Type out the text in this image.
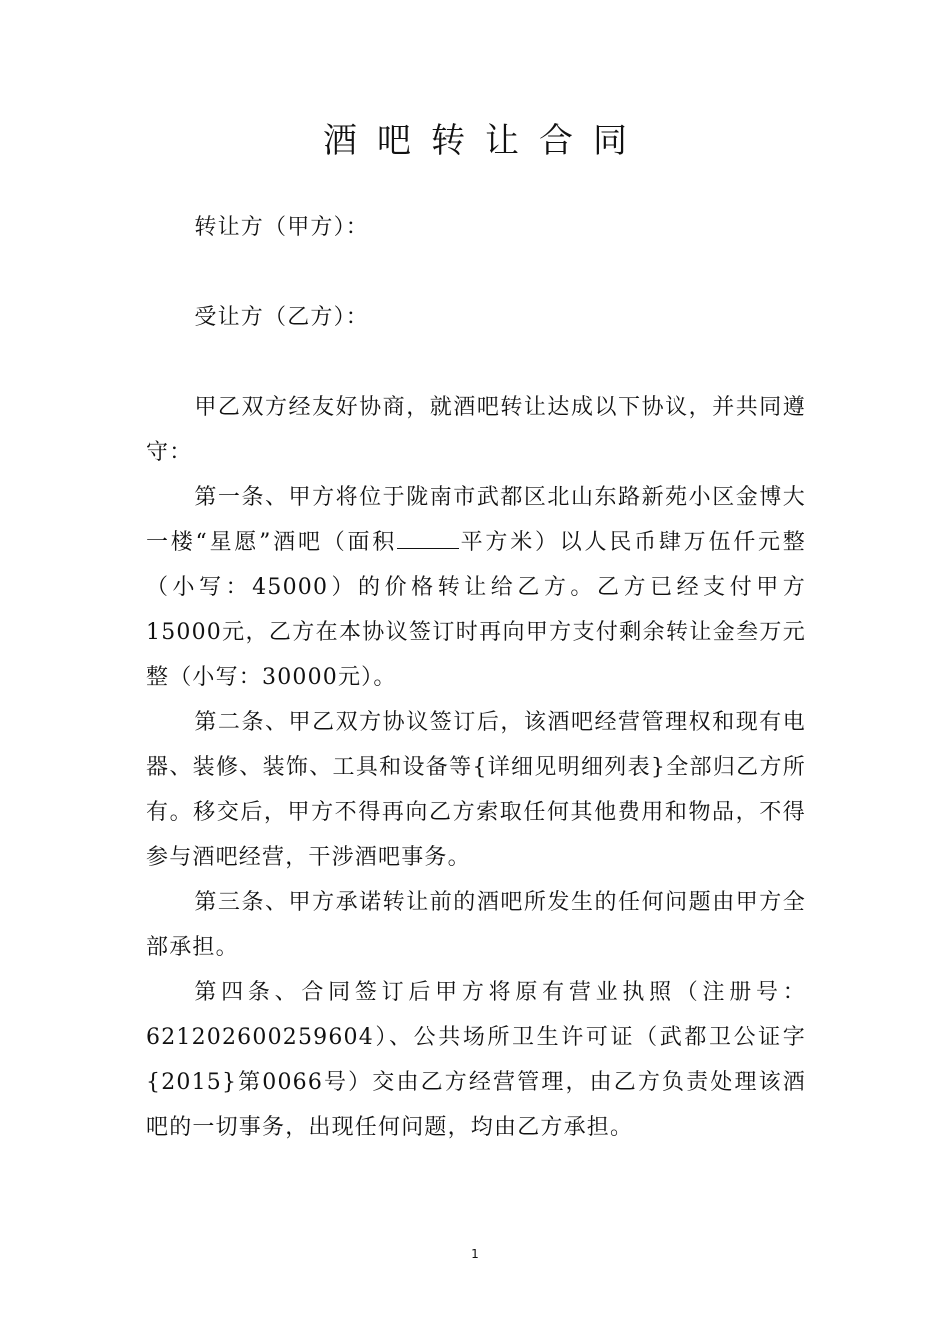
酒吧转让合同

转让方（甲方）：

受让方（乙方）：

甲乙双方经友好协商，就酒吧转让达成以下协议，并共同遵守：

第一条、甲方将位于陇南市武都区北山东路新苑小区金博大一楼“星愿”酒吧（面积	平方米）以人民币肆万伍仟元整（小写：45000）的价格转让给乙方。乙方已经支付甲方15000元，乙方在本协议签订时再向甲方支付剩余转让金叁万元整（小写：30000元）。

第二条、甲乙双方协议签订后，该酒吧经营管理权和现有电器、装修、装饰、工具和设备等{详细见明细列表}全部归乙方所有。移交后，甲方不得再向乙方索取任何其他费用和物品，不得参与酒吧经营，干涉酒吧事务。

第三条、甲方承诺转让前的酒吧所发生的任何问题由甲方全部承担。

第四条、合同签订后甲方将原有营业执照（注册号：621202600259604）、公共场所卫生许可证（武都卫公证字{2015}第0066号）交由乙方经营管理，由乙方负责处理该酒吧的一切事务，出现任何问题，均由乙方承担。

1
